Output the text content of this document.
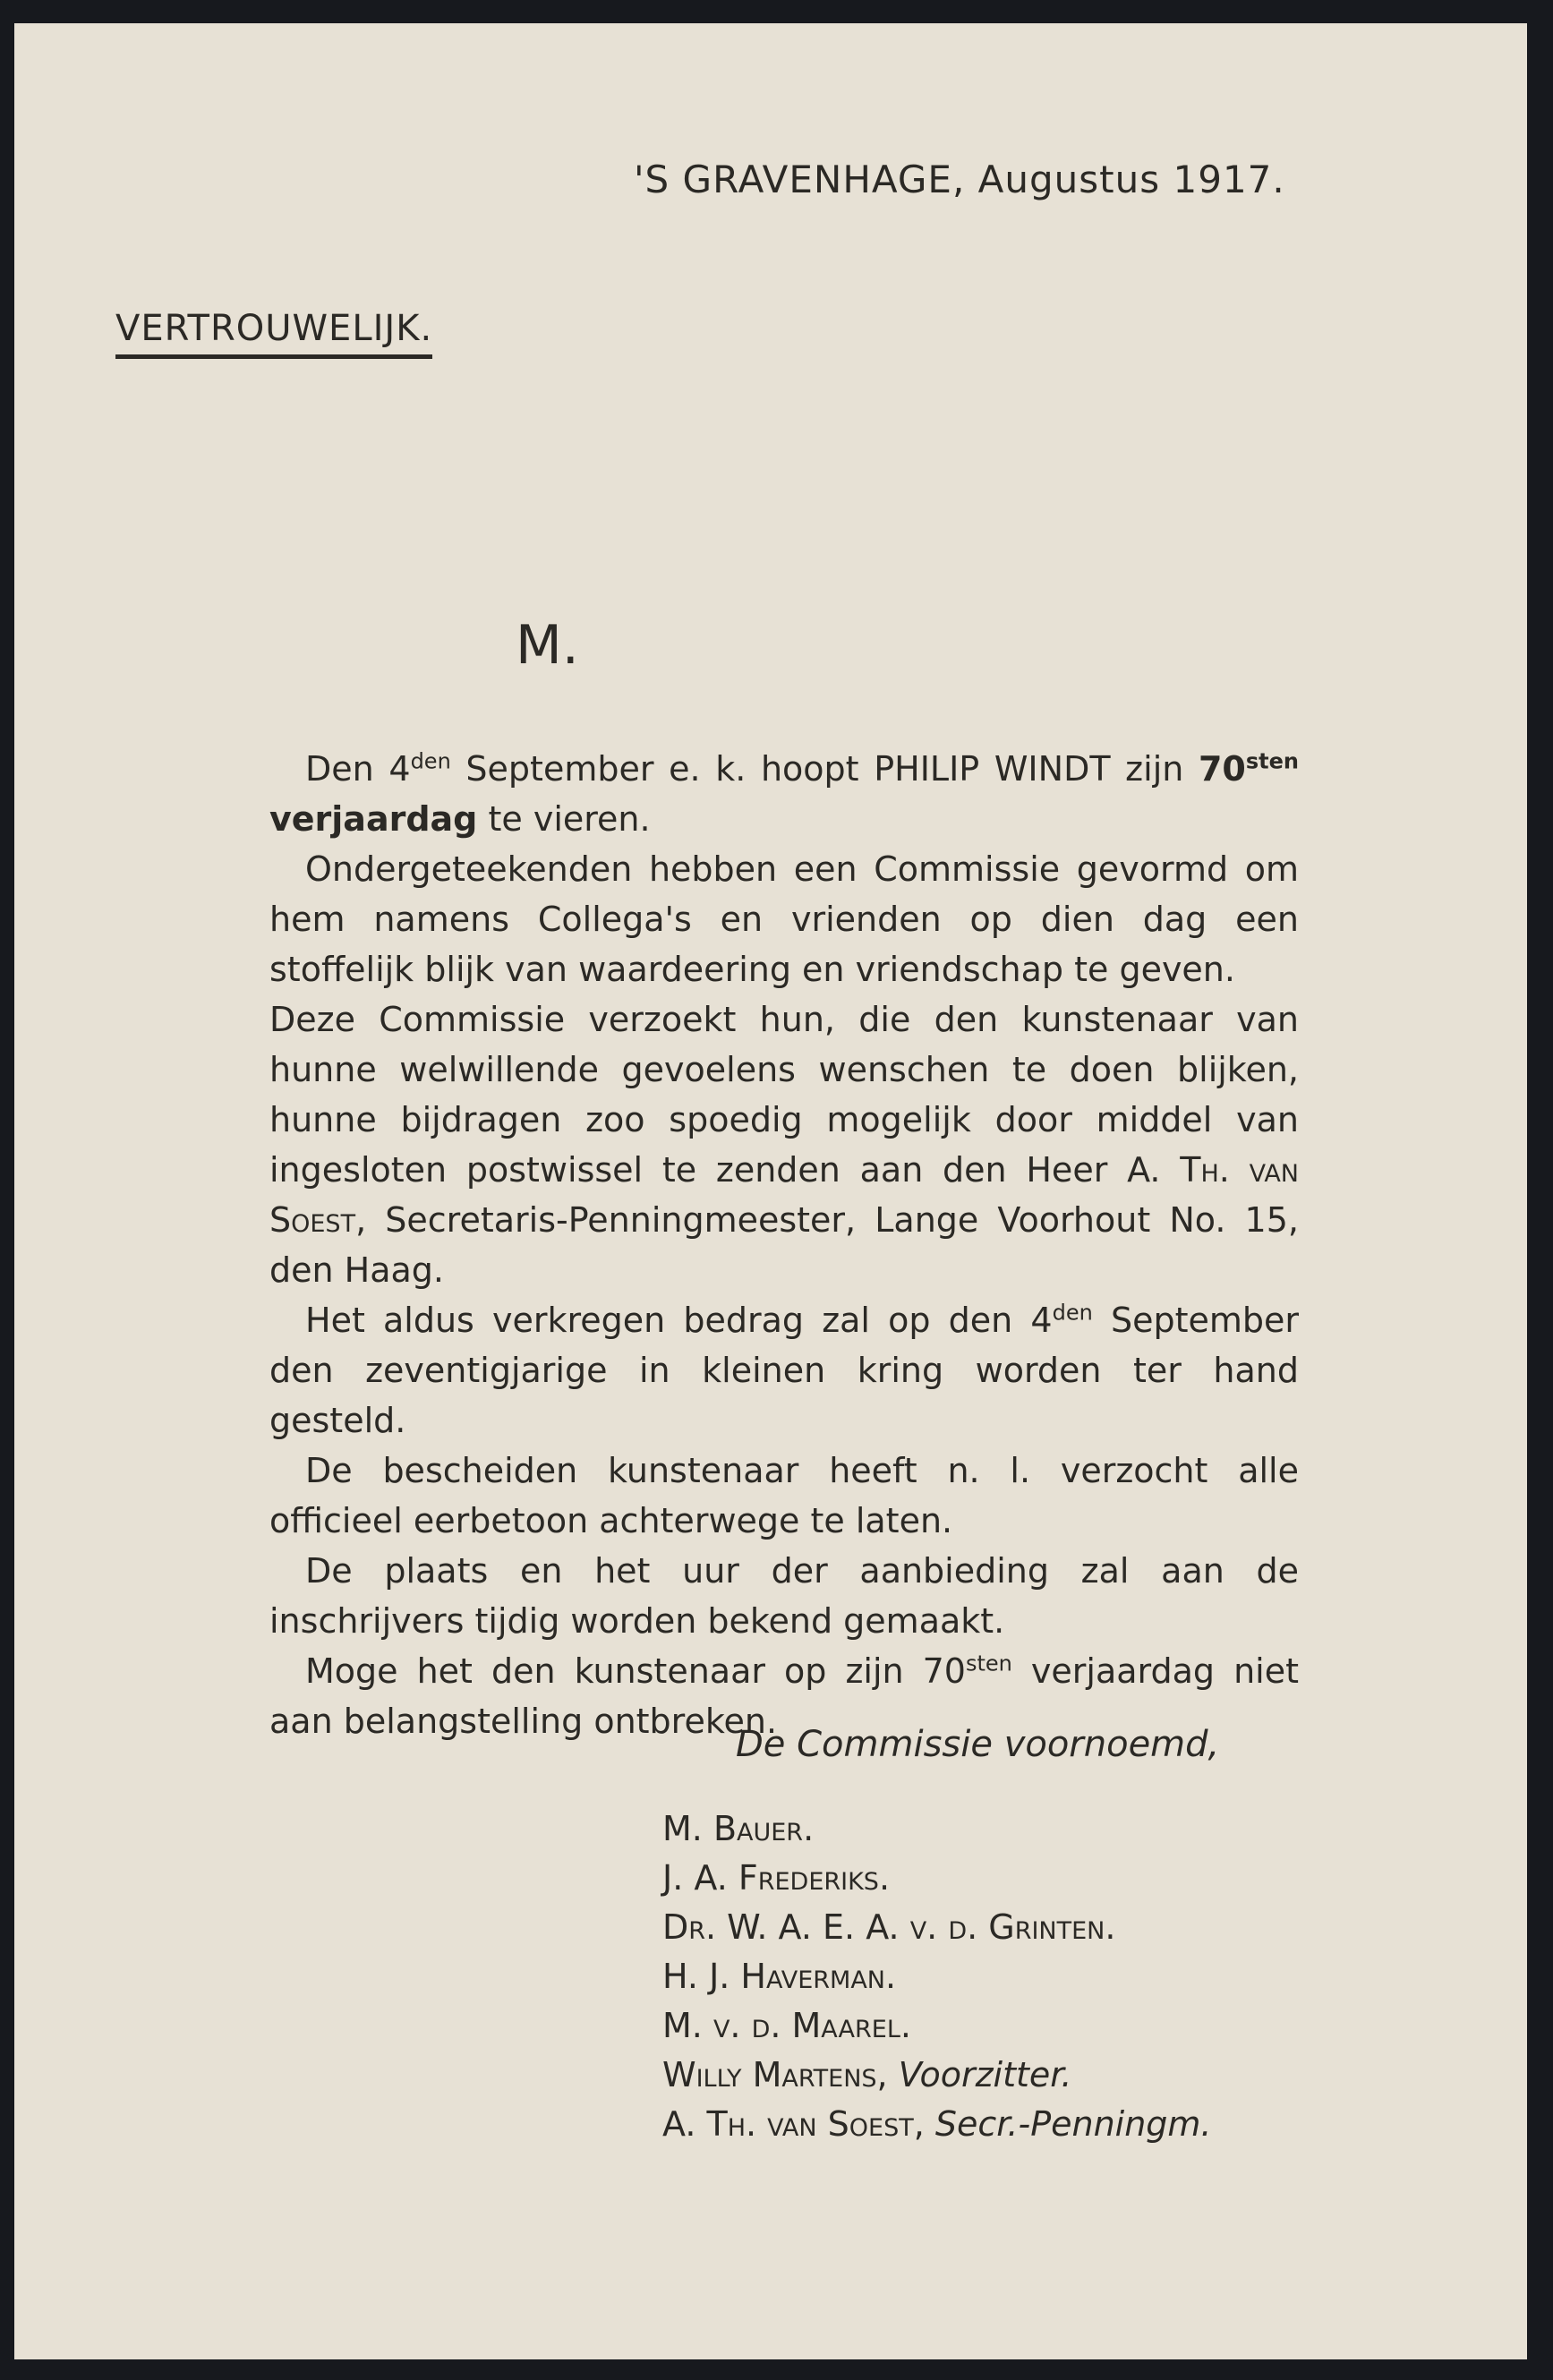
'S GRAVENHAGE, Augustus 1917.
VERTROUWELIJK.
M.

Den $4^{den}$ September e. k. hoopt PHILIP WINDT zijn $70^{sten}$ verjaardag te vieren.

Ondergeteekenden hebben een Commissie gevormd om hem namens Collega's en vrienden op dien dag een stoffelijk blijk van waardeering en vriendschap te geven.

Deze Commissie verzoekt hun, die den kunstenaar van hunne welwillende gevoelens wenschen te doen blijken, hunne bijdragen zoo spoedig mogelijk door middel van ingesloten postwissel te zenden aan den Heer A. Th. van Soest, Secretaris-Penningmeester, Lange Voorhout No. 15, den Haag.

Het aldus verkregen bedrag zal op den $4^{den}$ September den zeventigjarige in kleinen kring worden ter hand gesteld.

De bescheiden kunstenaar heeft n. l. verzocht alle officieel eerbetoon achterwege te laten.

De plaats en het uur der aanbieding zal aan de inschrijvers tijdig worden bekend gemaakt.

Moge het den kunstenaar op zijn $70^{sten}$ verjaardag niet aan belangstelling ontbreken.

De Commissie voornoemd,
M. Bauer.
J. A. Frederiks.
Dr. W. A. E. A. v. d. Grinten.
H. J. Haverman.
M. v. d. Maarel.
Willy Martens, Voorzitter.
A. Th. van Soest, Secr.-Penningm.
